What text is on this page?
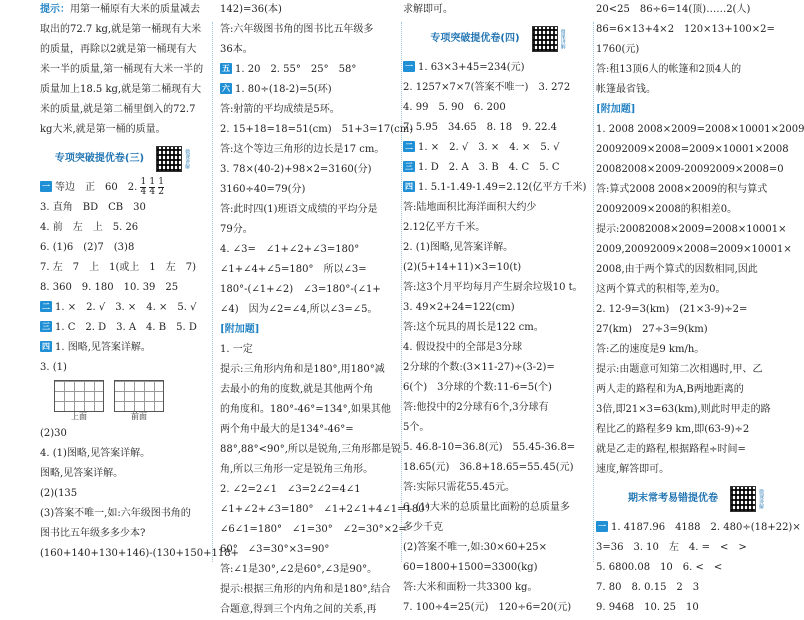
提示：用第一桶原有大米的质量减去取出的72.7 kg,就是第一桶现有大米的质量，再除以2就是第一桶现有大米一半的质量,第一桶现有大米一半的质量加上18.5 kg,就是第二桶现有大米的质量,就是第二桶里倒入的72.7 kg大米,就是第一桶的质量。
专项突破提优卷(三)	微课讲解
一 等边　正　60　2. $\frac{1}{4}$
$\frac{1}{4}$
$\frac{1}{2}$
3. 直角　BD　CB　30
4. 前　左　上　5. 26
6. (1)6　(2)7　(3)8
7. 左　7　上　1(或上　1　左　7)
8. 360　9. 180　10. 39　25
二 1. ×　2. √　3. ×　4. ×　5. √
三 1. C　2. D　3. A　4. B　5. D
四 1. 图略,见答案详解。
3. (1)
上面	前面
(2)30
4. (1)图略,见答案详解。
图略,见答案详解。
(2)(135
(3)答案不唯一,如:六年级图书角的
图书比五年级多多少本?
(160+140+130+146)-(130+150+118+
142)=36(本)
答:六年级图书角的图书比五年级多
36本。
五 1. 20　2. 55°　25°　58°
六 1. 80÷(18-2)=5(环)
答:射箭的平均成绩是5环。
2. 15+18=18=51(cm)　51+3=17(cm)
答:这个等边三角形的边长是17 cm。
3. 78×(40-2)+98×2=3160(分)
3160÷40=79(分)
答:此时四(1)班语文成绩的平均分是
79分。
4. ∠3=　∠1+∠2+∠3=180°
∠1+∠4+∠5=180°　所以∠3=
180°-(∠1+∠2)　∠3=180°-(∠1+
∠4)　因为∠2=∠4,所以∠3=∠5。
[附加题]
1. 一定
提示:三角形内角和是180°,用180°减
去最小的角的度数,就是其他两个角
的角度和。180°-46°=134°,如果其他
两个角中最大的是134°-46°=
88°,88°<90°,所以是锐角,三角形都是锐
角,所以三角形一定是锐角三角形。
2. ∠2=2∠1　∠3=2∠2=4∠1
∠1+∠2+∠3=180°　∠1+2∠1+4∠1=180°
∠6∠1=180°　∠1=30°　∠2=30°×2=
60°　∠3=30°×3=90°
答:∠1是30°,∠2是60°,∠3是90°。
提示:根据三角形的内角和是180°,结合
合题意,得到三个内角之间的关系,再
求解即可。
专项突破提优卷(四)	微课讲解
一 1. 63×3+45=234(元)
2. 1257×7×7(答案不唯一)　3. 272
4. 99　5. 90　6. 200
7. 5.95　34.65　8. 18　9. 22.4
二 1. ×　2. √　3. ×　4. ×　5. √
三 1. D　2. A　3. B　4. C　5. C
四 1. 5.1-1.49-1.49=2.12(亿平方千米)
答:陆地面积比海洋面积大约少
2.12亿平方千米。
2. (1)图略,见答案详解。
(2)(5+14+11)×3=10(t)
答:这3个月平均每月产生厨余垃圾10 t。
3. 49×2+24=122(cm)
答:这个玩具的周长是122 cm。
4. 假设投中的全部是3分球
2分球的个数:(3×11-27)÷(3-2)=
6(个)　3分球的个数:11-6=5(个)
答:他投中的2分球有6个,3分球有
5个。
5. 46.8-10=36.8(元)　55.45-36.8=
18.65(元)　36.8+18.65=55.45(元)
答:实际只需花55.45元。
6. (1)大米的总质量比面粉的总质量多
多少千克
(2)答案不唯一,如:30×60+25×
60=1800+1500=3300(kg)
答:大米和面粉一共3300 kg。
7. 100÷4=25(元)　120÷6=20(元)
20<25　86÷6=14(顶)……2(人)
86=6×13+4×2　120×13+100×2=
1760(元)
答:租13顶6人的帐篷和2顶4人的
帐篷最省钱。
[附加题]
1. 2008 2008×2009=2008×10001×2009
20092009×2008=2009×10001×2008
20082008×2009-20092009×2008=0
答:算式2008 2008×2009的积与算式
20092009×2008的积相差0。
提示:20082008×2009=2008×10001×
2009,20092009×2008=2009×10001×
2008,由于两个算式的因数相同,因此
这两个算式的积相等,差为0。
2. 12-9=3(km)　(21×3-9)÷2=
27(km)　27÷3=9(km)
答:乙的速度是9 km/h。
提示:由题意可知第二次相遇时,甲、乙
两人走的路程和为A,B两地距离的
3倍,即21×3=63(km),则此时甲走的路
程比乙的路程多9 km,即(63-9)÷2
就是乙走的路程,根据路程÷时间=
速度,解答即可。
期末常考易错提优卷	微课讲解
一 1. 4187.96　4188　2. 480÷(18+22)×
3=36　3. 10　左　4. =　<　>
5. 6800.08　10　6. <　<
7. 80　8. 0.15　2　3
9. 9468　10. 25　10
